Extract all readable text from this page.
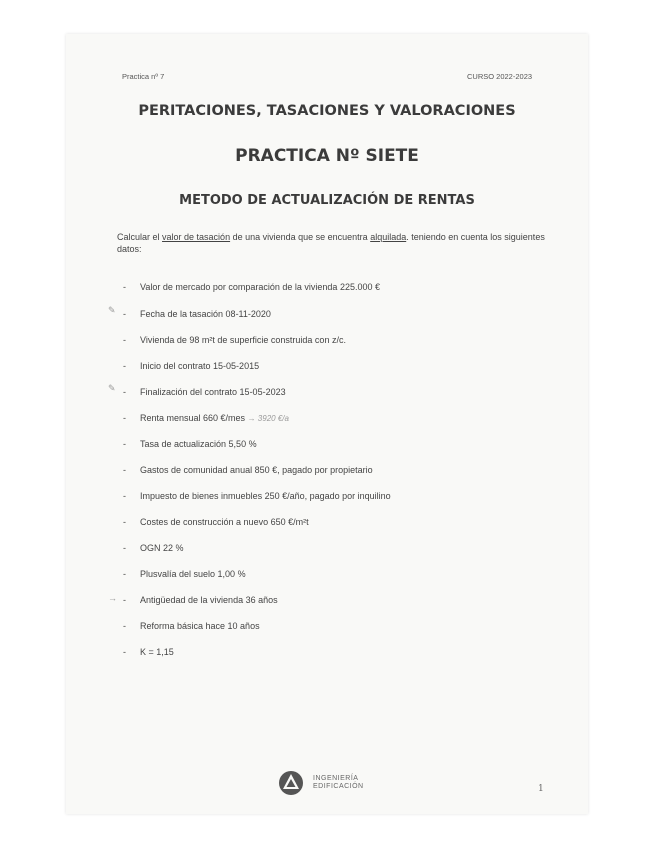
Practica nº 7	CURSO 2022-2023
PERITACIONES, TASACIONES Y VALORACIONES
PRACTICA Nº SIETE
METODO DE ACTUALIZACIÓN DE RENTAS
Calcular el valor de tasación de una vivienda que se encuentra alquilada. teniendo en cuenta los siguientes datos:
- Valor de mercado por comparación de la vivienda 225.000 €
- Fecha de la tasación 08-11-2020
- Vivienda de 98 m²t de superficie construida con z/c.
- Inicio del contrato 15-05-2015
- Finalización del contrato 15-05-2023
- Renta mensual 660 €/mes → 3920 €/a
- Tasa de actualización 5,50 %
- Gastos de comunidad anual 850 €, pagado por propietario
- Impuesto de bienes inmuebles 250 €/año, pagado por inquilino
- Costes de construcción a nuevo 650 €/m²t
- OGN 22 %
- Plusvalía del suelo 1,00 %
- Antigüedad de la vivienda 36 años
- Reforma básica hace 10 años
- K = 1,15
✎
✎
→
INGENIERÍA
EDIFICACIÓN	1
